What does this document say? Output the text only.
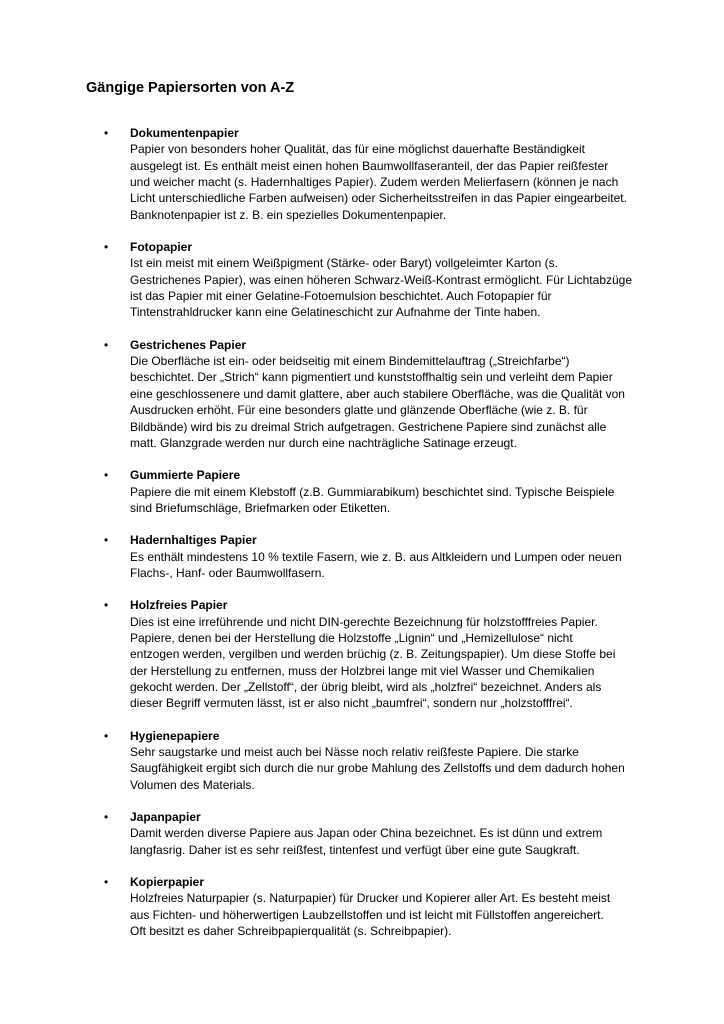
Gängige Papiersorten von A-Z
• Dokumentenpapier

Papier von besonders hoher Qualität, das für eine möglichst dauerhafte Beständigkeit
ausgelegt ist. Es enthält meist einen hohen Baumwollfaseranteil, der das Papier reißfester
und weicher macht (s. Hadernhaltiges Papier). Zudem werden Melierfasern (können je nach
Licht unterschiedliche Farben aufweisen) oder Sicherheitsstreifen in das Papier eingearbeitet.
Banknotenpapier ist z. B. ein spezielles Dokumentenpapier.

• Fotopapier

Ist ein meist mit einem Weißpigment (Stärke- oder Baryt) vollgeleimter Karton (s.
Gestrichenes Papier), was einen höheren Schwarz-Weiß-Kontrast ermöglicht. Für Lichtabzüge
ist das Papier mit einer Gelatine-Fotoemulsion beschichtet. Auch Fotopapier für
Tintenstrahldrucker kann eine Gelatineschicht zur Aufnahme der Tinte haben.

• Gestrichenes Papier

Die Oberfläche ist ein- oder beidseitig mit einem Bindemittelauftrag („Streichfarbe“)
beschichtet. Der „Strich“ kann pigmentiert und kunststoffhaltig sein und verleiht dem Papier
eine geschlossenere und damit glattere, aber auch stabilere Oberfläche, was die Qualität von
Ausdrucken erhöht. Für eine besonders glatte und glänzende Oberfläche (wie z. B. für
Bildbände) wird bis zu dreimal Strich aufgetragen. Gestrichene Papiere sind zunächst alle
matt. Glanzgrade werden nur durch eine nachträgliche Satinage erzeugt.

• Gummierte Papiere

Papiere die mit einem Klebstoff (z.B. Gummiarabikum) beschichtet sind. Typische Beispiele
sind Briefumschläge, Briefmarken oder Etiketten.

• Hadernhaltiges Papier

Es enthält mindestens 10 % textile Fasern, wie z. B. aus Altkleidern und Lumpen oder neuen
Flachs-, Hanf- oder Baumwollfasern.

• Holzfreies Papier

Dies ist eine irreführende und nicht DIN-gerechte Bezeichnung für holzstofffreies Papier.
Papiere, denen bei der Herstellung die Holzstoffe „Lignin“ und „Hemizellulose“ nicht
entzogen werden, vergilben und werden brüchig (z. B. Zeitungspapier). Um diese Stoffe bei
der Herstellung zu entfernen, muss der Holzbrei lange mit viel Wasser und Chemikalien
gekocht werden. Der „Zellstoff“, der übrig bleibt, wird als „holzfrei“ bezeichnet. Anders als
dieser Begriff vermuten lässt, ist er also nicht „baumfrei“, sondern nur „holzstofffrei“.

• Hygienepapiere

Sehr saugstarke und meist auch bei Nässe noch relativ reißfeste Papiere. Die starke
Saugfähigkeit ergibt sich durch die nur grobe Mahlung des Zellstoffs und dem dadurch hohen
Volumen des Materials.

• Japanpapier

Damit werden diverse Papiere aus Japan oder China bezeichnet. Es ist dünn und extrem
langfasrig. Daher ist es sehr reißfest, tintenfest und verfügt über eine gute Saugkraft.

• Kopierpapier

Holzfreies Naturpapier (s. Naturpapier) für Drucker und Kopierer aller Art. Es besteht meist
aus Fichten- und höherwertigen Laubzellstoffen und ist leicht mit Füllstoffen angereichert.
Oft besitzt es daher Schreibpapierqualität (s. Schreibpapier).
